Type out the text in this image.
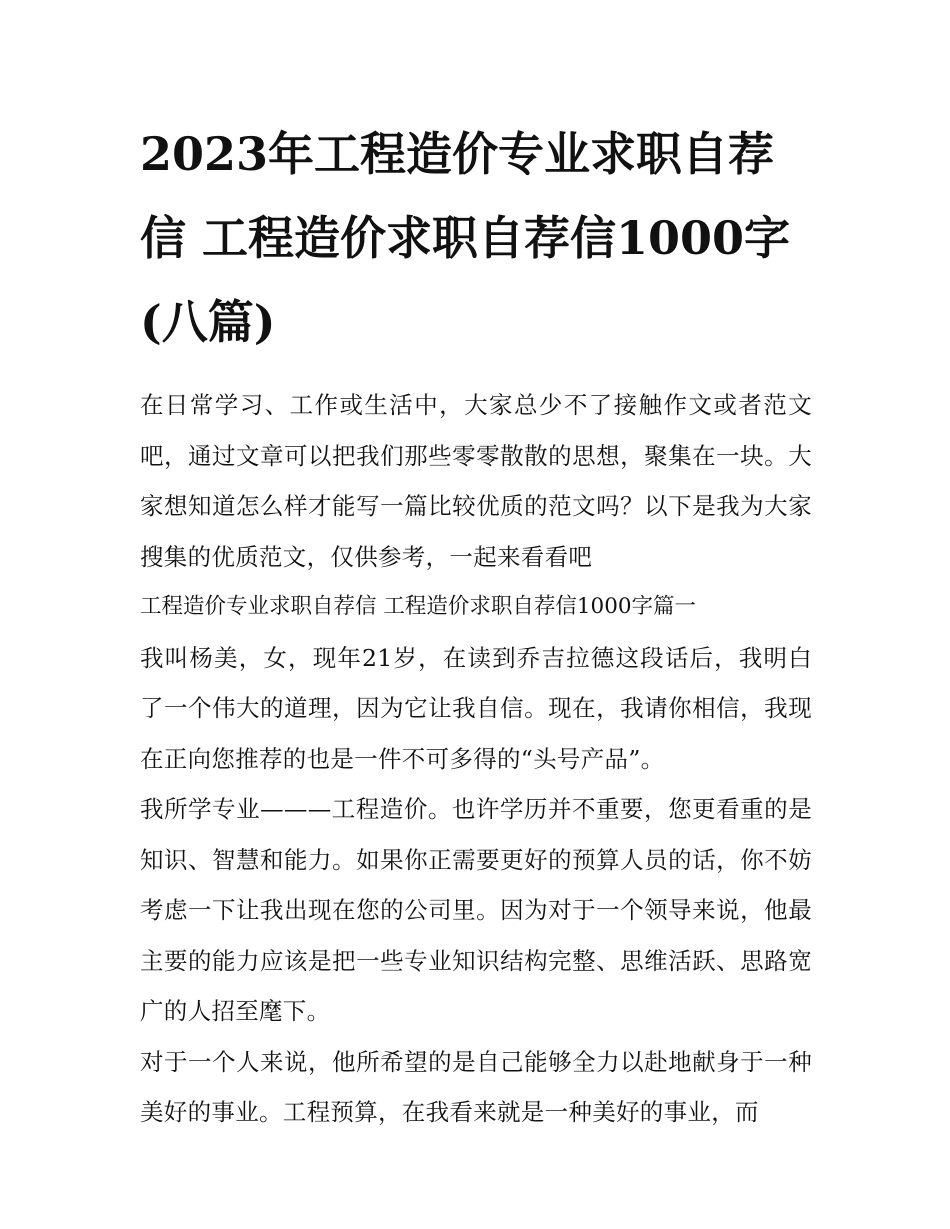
2023年工程造价专业求职自荐信 工程造价求职自荐信1000字(八篇)

在日常学习、工作或生活中，大家总少不了接触作文或者范文吧，通过文章可以把我们那些零零散散的思想，聚集在一块。大家想知道怎么样才能写一篇比较优质的范文吗？以下是我为大家搜集的优质范文，仅供参考，一起来看看吧

工程造价专业求职自荐信 工程造价求职自荐信1000字篇一

我叫杨美，女，现年21岁，在读到乔吉拉德这段话后，我明白了一个伟大的道理，因为它让我自信。现在，我请你相信，我现在正向您推荐的也是一件不可多得的“头号产品”。

我所学专业———工程造价。也许学历并不重要，您更看重的是知识、智慧和能力。如果你正需要更好的预算人员的话，你不妨考虑一下让我出现在您的公司里。因为对于一个领导来说，他最主要的能力应该是把一些专业知识结构完整、思维活跃、思路宽广的人招至麾下。

对于一个人来说，他所希望的是自己能够全力以赴地献身于一种美好的事业。工程预算，在我看来就是一种美好的事业，而
